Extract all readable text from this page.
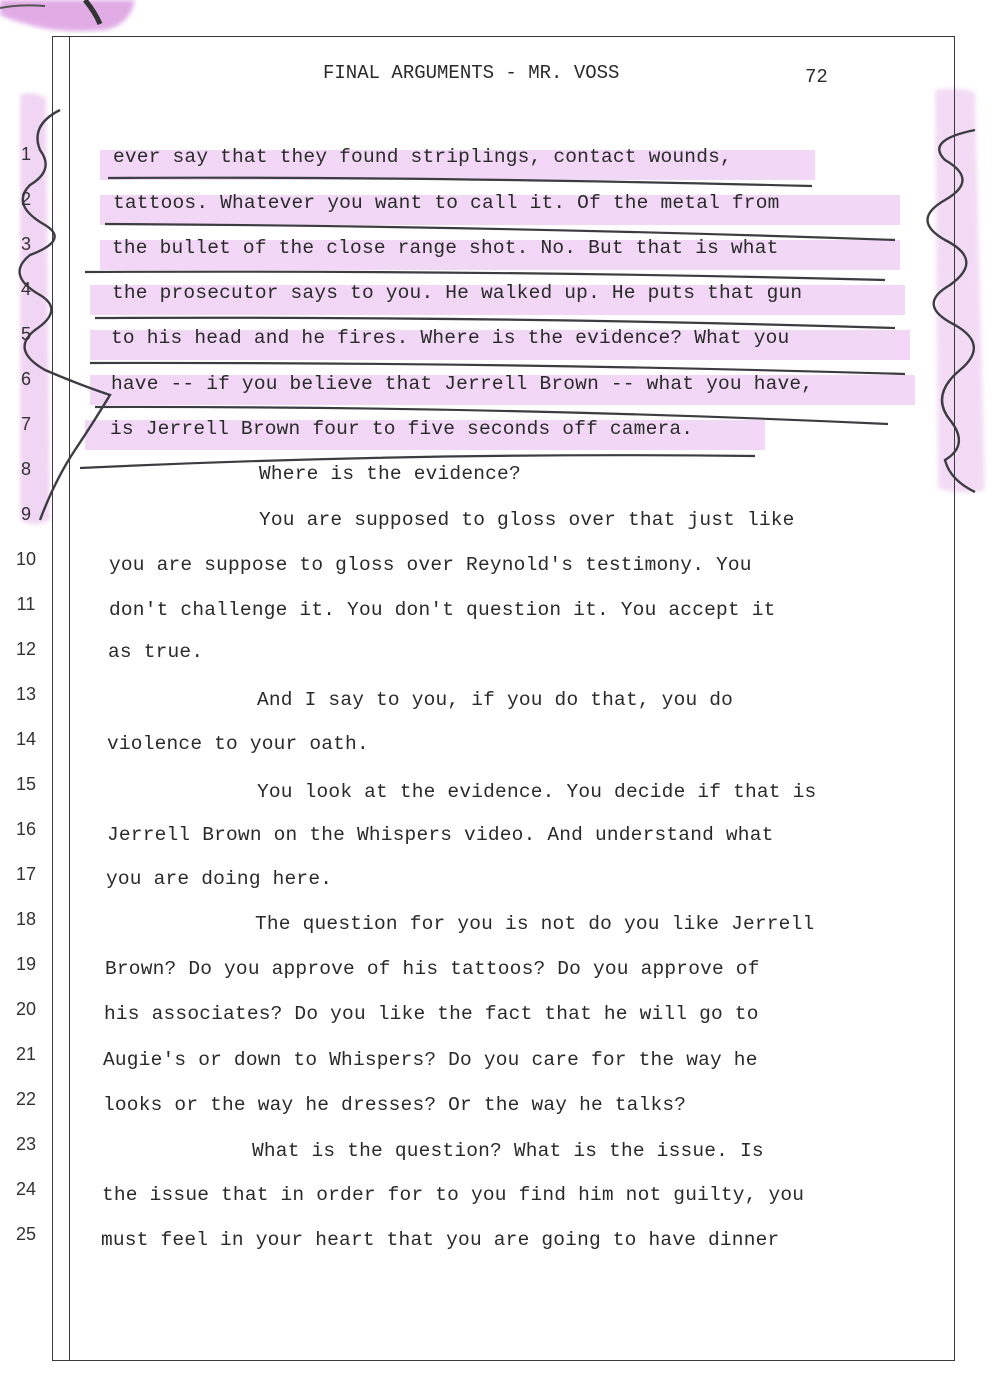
FINAL ARGUMENTS - MR. VOSS	72
1	ever say that they found striplings, contact wounds,
2	tattoos. Whatever you want to call it. Of the metal from
3	the bullet of the close range shot. No. But that is what
4	the prosecutor says to you. He walked up. He puts that gun
5	to his head and he fires. Where is the evidence? What you
6	have -- if you believe that Jerrell Brown -- what you have,
7	is Jerrell Brown four to five seconds off camera.
8	Where is the evidence?
9	You are supposed to gloss over that just like
10	you are suppose to gloss over Reynold's testimony. You
11	don't challenge it. You don't question it. You accept it
12	as true.
13	And I say to you, if you do that, you do
14	violence to your oath.
15	You look at the evidence. You decide if that is
16	Jerrell Brown on the Whispers video. And understand what
17	you are doing here.
18	The question for you is not do you like Jerrell
19	Brown? Do you approve of his tattoos? Do you approve of
20	his associates? Do you like the fact that he will go to
21	Augie's or down to Whispers? Do you care for the way he
22	looks or the way he dresses? Or the way he talks?
23	What is the question? What is the issue. Is
24	the issue that in order for to you find him not guilty, you
25	must feel in your heart that you are going to have dinner
